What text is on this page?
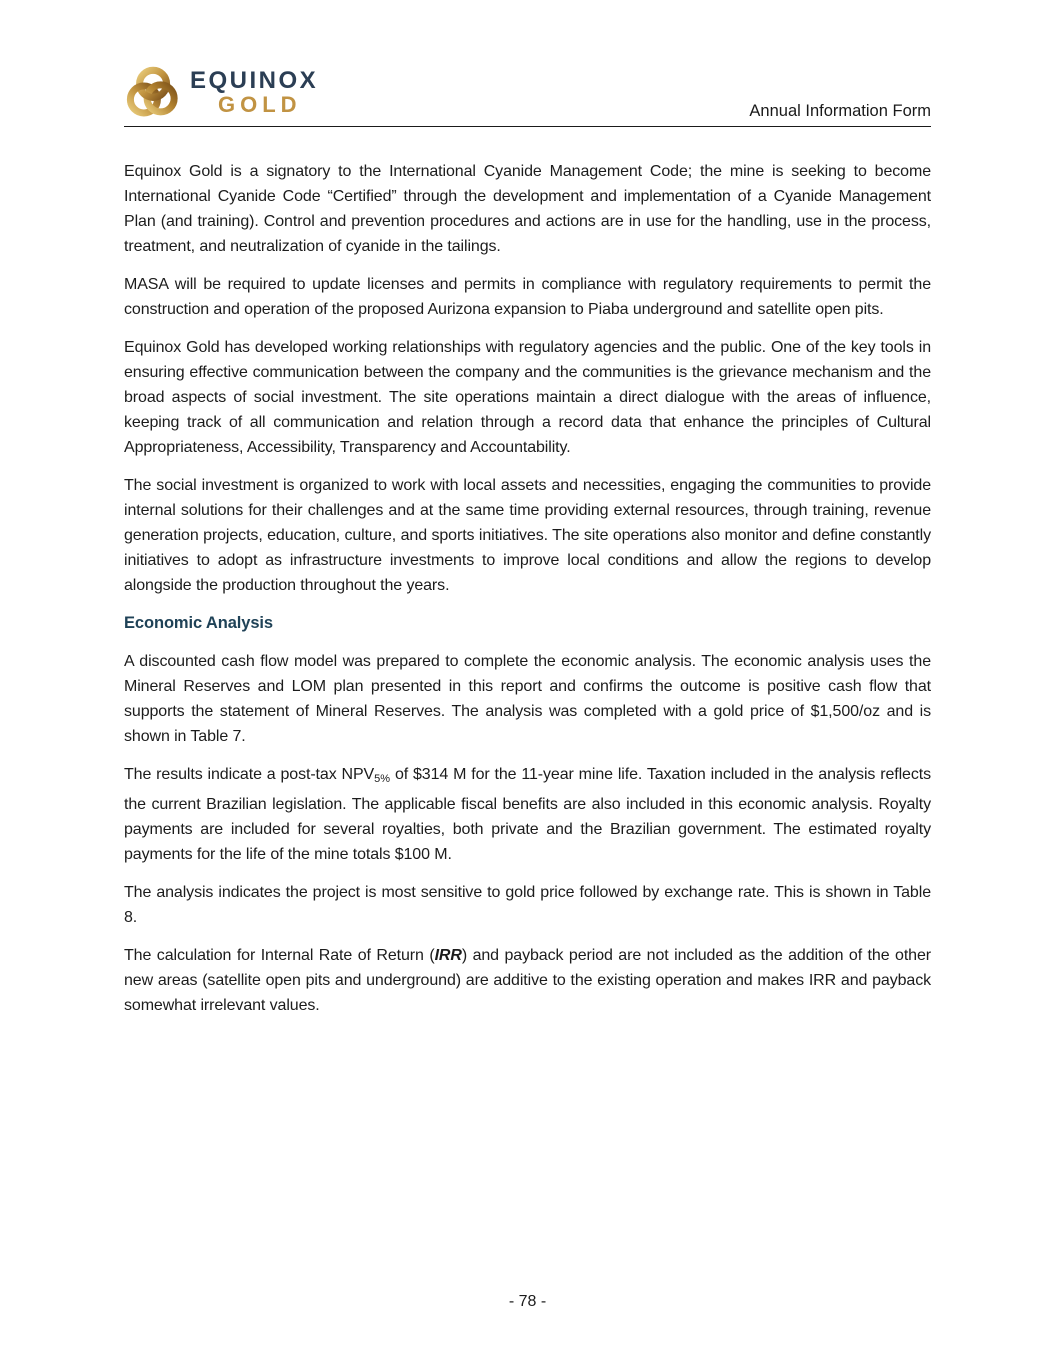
EQUINOX
GOLD	Annual Information Form

Equinox Gold is a signatory to the International Cyanide Management Code; the mine is seeking to become International Cyanide Code “Certified” through the development and implementation of a Cyanide Management Plan (and training). Control and prevention procedures and actions are in use for the handling, use in the process, treatment, and neutralization of cyanide in the tailings.

MASA will be required to update licenses and permits in compliance with regulatory requirements to permit the construction and operation of the proposed Aurizona expansion to Piaba underground and satellite open pits.

Equinox Gold has developed working relationships with regulatory agencies and the public. One of the key tools in ensuring effective communication between the company and the communities is the grievance mechanism and the broad aspects of social investment. The site operations maintain a direct dialogue with the areas of influence, keeping track of all communication and relation through a record data that enhance the principles of Cultural Appropriateness, Accessibility, Transparency and Accountability.

The social investment is organized to work with local assets and necessities, engaging the communities to provide internal solutions for their challenges and at the same time providing external resources, through training, revenue generation projects, education, culture, and sports initiatives. The site operations also monitor and define constantly initiatives to adopt as infrastructure investments to improve local conditions and allow the regions to develop alongside the production throughout the years.

Economic Analysis

A discounted cash flow model was prepared to complete the economic analysis. The economic analysis uses the Mineral Reserves and LOM plan presented in this report and confirms the outcome is positive cash flow that supports the statement of Mineral Reserves. The analysis was completed with a gold price of $1,500/oz and is shown in Table 7.

The results indicate a post-tax $NPV_{5\%}$ of $314 M for the 11-year mine life. Taxation included in the analysis reflects the current Brazilian legislation. The applicable fiscal benefits are also included in this economic analysis. Royalty payments are included for several royalties, both private and the Brazilian government. The estimated royalty payments for the life of the mine totals $100 M.

The analysis indicates the project is most sensitive to gold price followed by exchange rate. This is shown in Table 8.

The calculation for Internal Rate of Return (IRR) and payback period are not included as the addition of the other new areas (satellite open pits and underground) are additive to the existing operation and makes IRR and payback somewhat irrelevant values.

- 78 -
